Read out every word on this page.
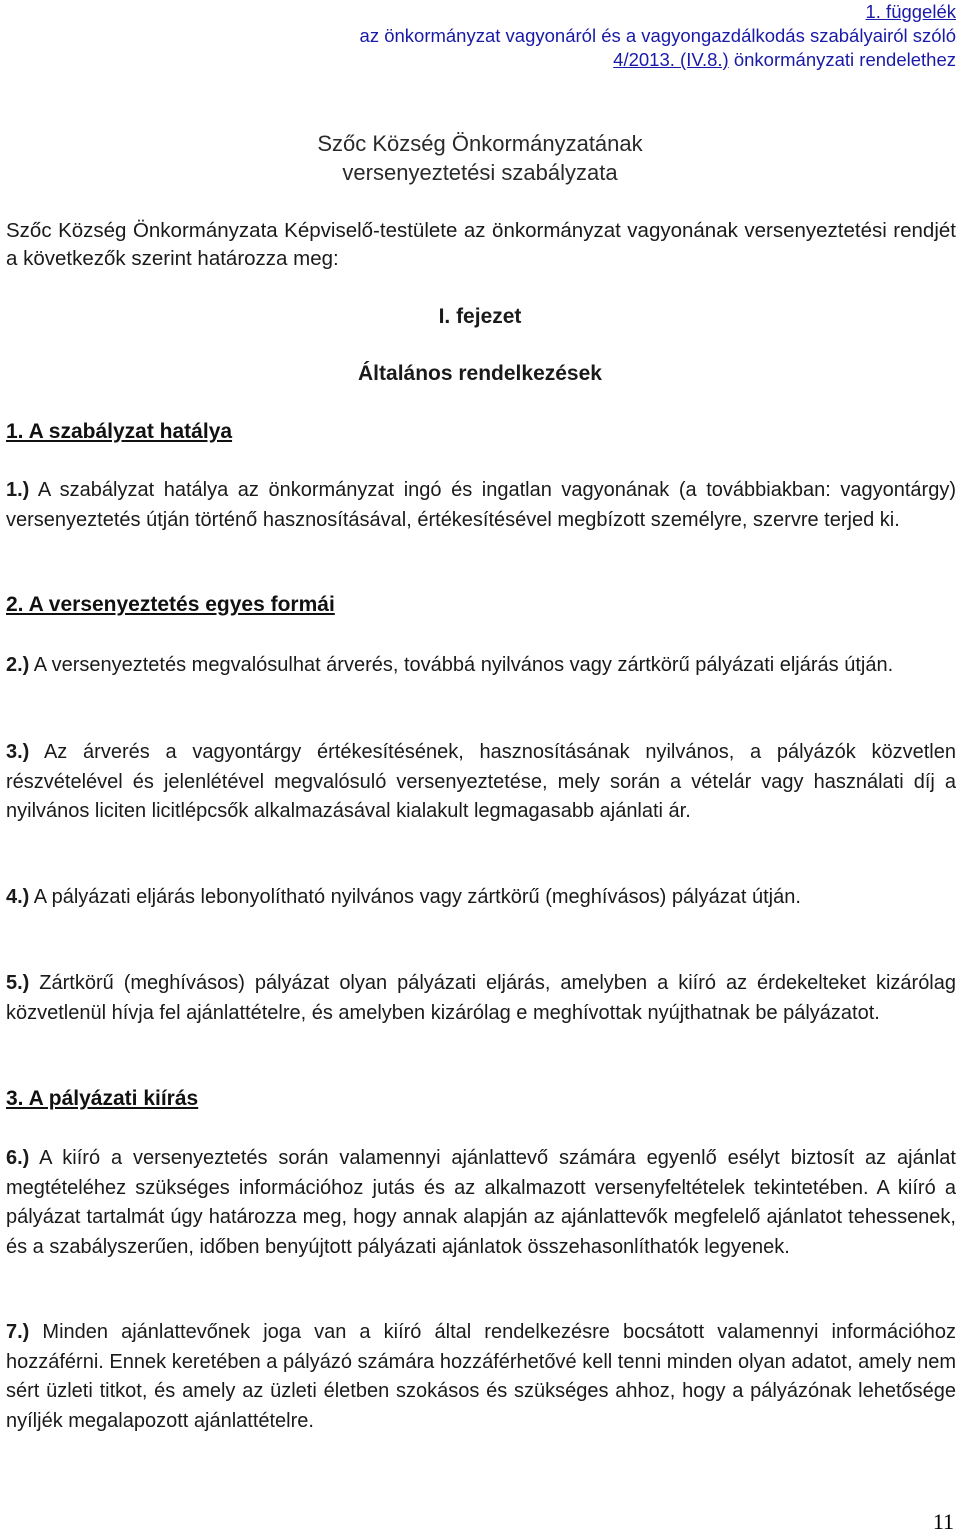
1. függelék
az önkormányzat vagyonáról és a vagyongazdálkodás szabályairól szóló
4/2013. (IV.8.) önkormányzati rendelethez
Szőc Község Önkormányzatának
versenyeztetési szabályzata
Szőc Község Önkormányzata Képviselő-testülete az önkormányzat vagyonának versenyeztetési rendjét a következők szerint határozza meg:
I. fejezet
Általános rendelkezések
1. A szabályzat hatálya
1.) A szabályzat hatálya az önkormányzat ingó és ingatlan vagyonának (a továbbiakban: vagyontárgy) versenyeztetés útján történő hasznosításával, értékesítésével megbízott személyre, szervre terjed ki.
2. A versenyeztetés egyes formái
2.) A versenyeztetés megvalósulhat árverés, továbbá nyilvános vagy zártkörű pályázati eljárás útján.
3.) Az árverés a vagyontárgy értékesítésének, hasznosításának nyilvános, a pályázók közvetlen részvételével és jelenlétével megvalósuló versenyeztetése, mely során a vételár vagy használati díj a nyilvános liciten licitlépcsők alkalmazásával kialakult legmagasabb ajánlati ár.
4.) A pályázati eljárás lebonyolítható nyilvános vagy zártkörű (meghívásos) pályázat útján.
5.) Zártkörű (meghívásos) pályázat olyan pályázati eljárás, amelyben a kiíró az érdekelteket kizárólag közvetlenül hívja fel ajánlattételre, és amelyben kizárólag e meghívottak nyújthatnak be pályázatot.
3. A pályázati kiírás
6.) A kiíró a versenyeztetés során valamennyi ajánlattevő számára egyenlő esélyt biztosít az ajánlat megtételéhez szükséges információhoz jutás és az alkalmazott versenyfeltételek tekintetében. A kiíró a pályázat tartalmát úgy határozza meg, hogy annak alapján az ajánlattevők megfelelő ajánlatot tehessenek, és a szabályszerűen, időben benyújtott pályázati ajánlatok összehasonlíthatók legyenek.
7.) Minden ajánlattevőnek joga van a kiíró által rendelkezésre bocsátott valamennyi információhoz hozzáférni. Ennek keretében a pályázó számára hozzáférhetővé kell tenni minden olyan adatot, amely nem sért üzleti titkot, és amely az üzleti életben szokásos és szükséges ahhoz, hogy a pályázónak lehetősége nyíljék megalapozott ajánlattételre.
11
